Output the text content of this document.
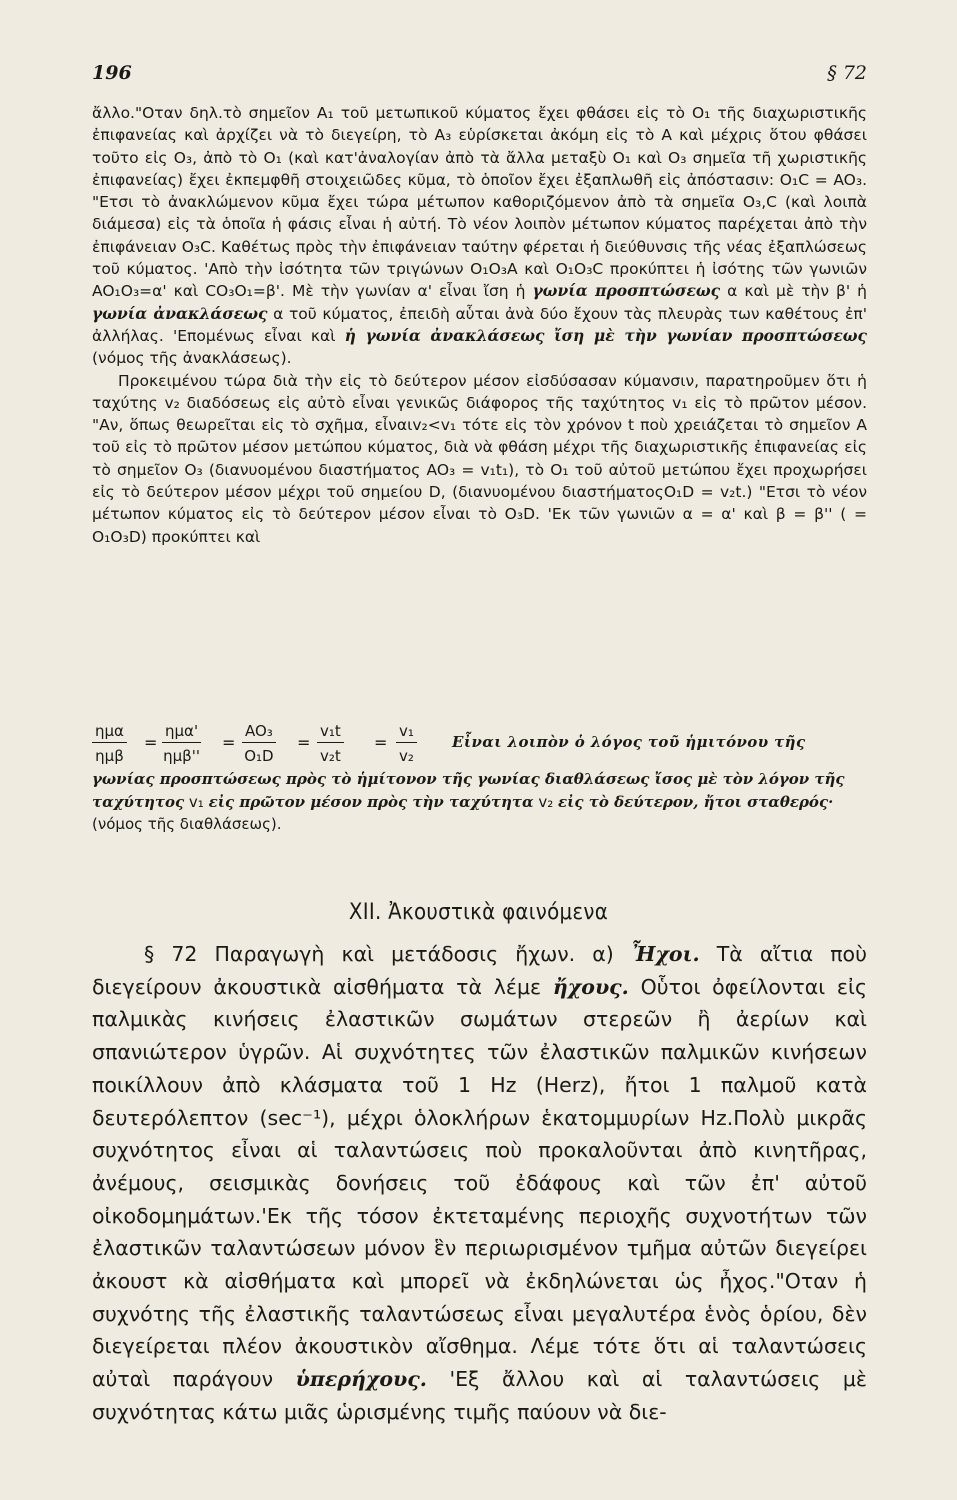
196	§ 72

ἄλλο."Οταν δηλ.τὸ σημεῖον A₁ τοῦ μετωπικοῦ κύματος ἔχει φθάσει εἰς τὸ O₁ τῆς διαχωριστικῆς ἐπιφανείας καὶ ἀρχίζει νὰ τὸ διεγείρη, τὸ A₃ εὑρίσκεται ἀκόμη εἰς τὸ A καὶ μέχρις ὅτου φθάσει τοῦτο εἰς O₃, ἀπὸ τὸ O₁ (καὶ κατ'ἀναλογίαν ἀπὸ τὰ ἄλλα μεταξὺ O₁ καὶ O₃ σημεῖα τῆ χωριστικῆς ἐπιφανείας) ἔχει ἐκπεμφθῆ στοιχειῶδες κῦμα, τὸ ὁποῖον ἔχει ἐξαπλωθῆ εἰς ἀπόστασιν: O₁C = AO₃. "Ετσι τὸ ἀνακλώμενον κῦμα ἔχει τώρα μέτωπον καθοριζόμενον ἀπὸ τὰ σημεῖα O₃,C (καὶ λοιπὰ διάμεσα) εἰς τὰ ὁποῖα ἡ φάσις εἶναι ἡ αὐτή. Τὸ νέον λοιπὸν μέτωπον κύματος παρέχεται ἀπὸ τὴν ἐπιφάνειαν O₃C. Καθέτως πρὸς τὴν ἐπιφάνειαν ταύτην φέρεται ἡ διεύθυνσις τῆς νέας ἐξαπλώσεως τοῦ κύματος. 'Απὸ τὴν ἰσότητα τῶν τριγώνων O₁O₃A καὶ O₁O₃C προκύπτει ἡ ἰσότης τῶν γωνιῶν AO₁O₃=α' καὶ CO₃O₁=β'. Μὲ τὴν γωνίαν α' εἶναι ἴση ἡ γωνία προσπτώσεως α καὶ μὲ τὴν β' ἡ γωνία ἀνακλάσεως α τοῦ κύματος, ἐπειδὴ αὗται ἀνὰ δύο ἔχουν τὰς πλευρὰς των καθέτους ἐπ' ἀλλήλας. 'Επομένως εἶναι καὶ ἡ γωνία ἀνακλάσεως ἴση μὲ τὴν γωνίαν προσπτώσεως (νόμος τῆς ἀνακλάσεως).

Προκειμένου τώρα διὰ τὴν εἰς τὸ δεύτερον μέσον εἰσδύσασαν κύμανσιν, παρατηροῦμεν ὅτι ἡ ταχύτης v₂ διαδόσεως εἰς αὐτὸ εἶναι γενικῶς διάφορος τῆς ταχύτητος v₁ εἰς τὸ πρῶτον μέσον. "Αν, ὅπως θεωρεῖται εἰς τὸ σχῆμα, εἶναιv₂<v₁ τότε εἰς τὸν χρόνον t ποὺ χρειάζεται τὸ σημεῖον A τοῦ εἰς τὸ πρῶτον μέσον μετώπου κύματος, διὰ νὰ φθάση μέχρι τῆς διαχωριστικῆς ἐπιφανείας εἰς τὸ σημεῖον O₃ (διανυομένου διαστήματος AO₃ = v₁t₁), τὸ O₁ τοῦ αὐτοῦ μετώπου ἔχει προχωρήσει εἰς τὸ δεύτερον μέσον μέχρι τοῦ σημείου D, (διανυομένου διαστήματοςO₁D = v₂t.) "Ετσι τὸ νέον μέτωπον κύματος εἰς τὸ δεύτερον μέσον εἶναι τὸ O₃D. 'Εκ τῶν γωνιῶν α = α' καὶ β = β'' ( = O₁O₃D) προκύπτει καὶ

ημα
ημβ
=
ημα'
ημβ''
= $\frac{\text{AO₃}}{\text{O₁D}} = \frac{\text{v₁t}}{\text{v₂t}} = \frac{\text{v₁}}{\text{v₂}}$ Εἶναι λοιπὸν ὁ λόγος τοῦ ἡμιτόνου τῆς
γωνίας προσπτώσεως πρὸς τὸ ἡμίτονον τῆς γωνίας διαθλάσεως ἴσος μὲ τὸν λόγον τῆς ταχύτητος v₁ εἰς πρῶτον μέσον πρὸς τὴν ταχύτητα v₂ εἰς τὸ δεύτερον, ἤτοι σταθερός· (νόμος τῆς διαθλάσεως).
XII. Ἀκουστικὰ φαινόμενα

§ 72 Παραγωγὴ καὶ μετάδοσις ἤχων. α) Ἦχοι. Τὰ αἴτια ποὺ διεγείρουν ἀκουστικὰ αἰσθήματα τὰ λέμε ἤχους. Οὗτοι ὀφείλονται εἰς παλμικὰς κινήσεις ἐλαστικῶν σωμάτων στερεῶν ἢ ἀερίων καὶ σπανιώτερον ὑγρῶν. Αἱ συχνότητες τῶν ἐλαστικῶν παλμικῶν κινήσεων ποικίλλουν ἀπὸ κλάσματα τοῦ 1 Hz (Herz), ἤτοι 1 παλμοῦ κατὰ δευτερόλεπτον (sec⁻¹), μέχρι ὁλοκλήρων ἑκατομμυρίων Hz.Πολὺ μικρᾶς συχνότητος εἶναι αἱ ταλαντώσεις ποὺ προκαλοῦνται ἀπὸ κινητῆρας, ἀνέμους, σεισμικὰς δονήσεις τοῦ ἐδάφους καὶ τῶν ἐπ' αὐτοῦ οἰκοδομημάτων.'Εκ τῆς τόσον ἐκτεταμένης περιοχῆς συχνοτήτων τῶν ἐλαστικῶν ταλαντώσεων μόνον ἓν περιωρισμένον τμῆμα αὐτῶν διεγείρει ἀκουστ κὰ αἰσθήματα καὶ μπορεῖ νὰ ἐκδηλώνεται ὡς ἦχος."Οταν ἡ συχνότης τῆς ἐλαστικῆς ταλαντώσεως εἶναι μεγαλυτέρα ἑνὸς ὁρίου, δὲν διεγείρεται πλέον ἀκουστικὸν αἴσθημα. Λέμε τότε ὅτι αἱ ταλαντώσεις αὐταὶ παράγουν ὑπερήχους. 'Εξ ἄλλου καὶ αἱ ταλαντώσεις μὲ συχνότητας κάτω μιᾶς ὡρισμένης τιμῆς παύουν νὰ διε-
